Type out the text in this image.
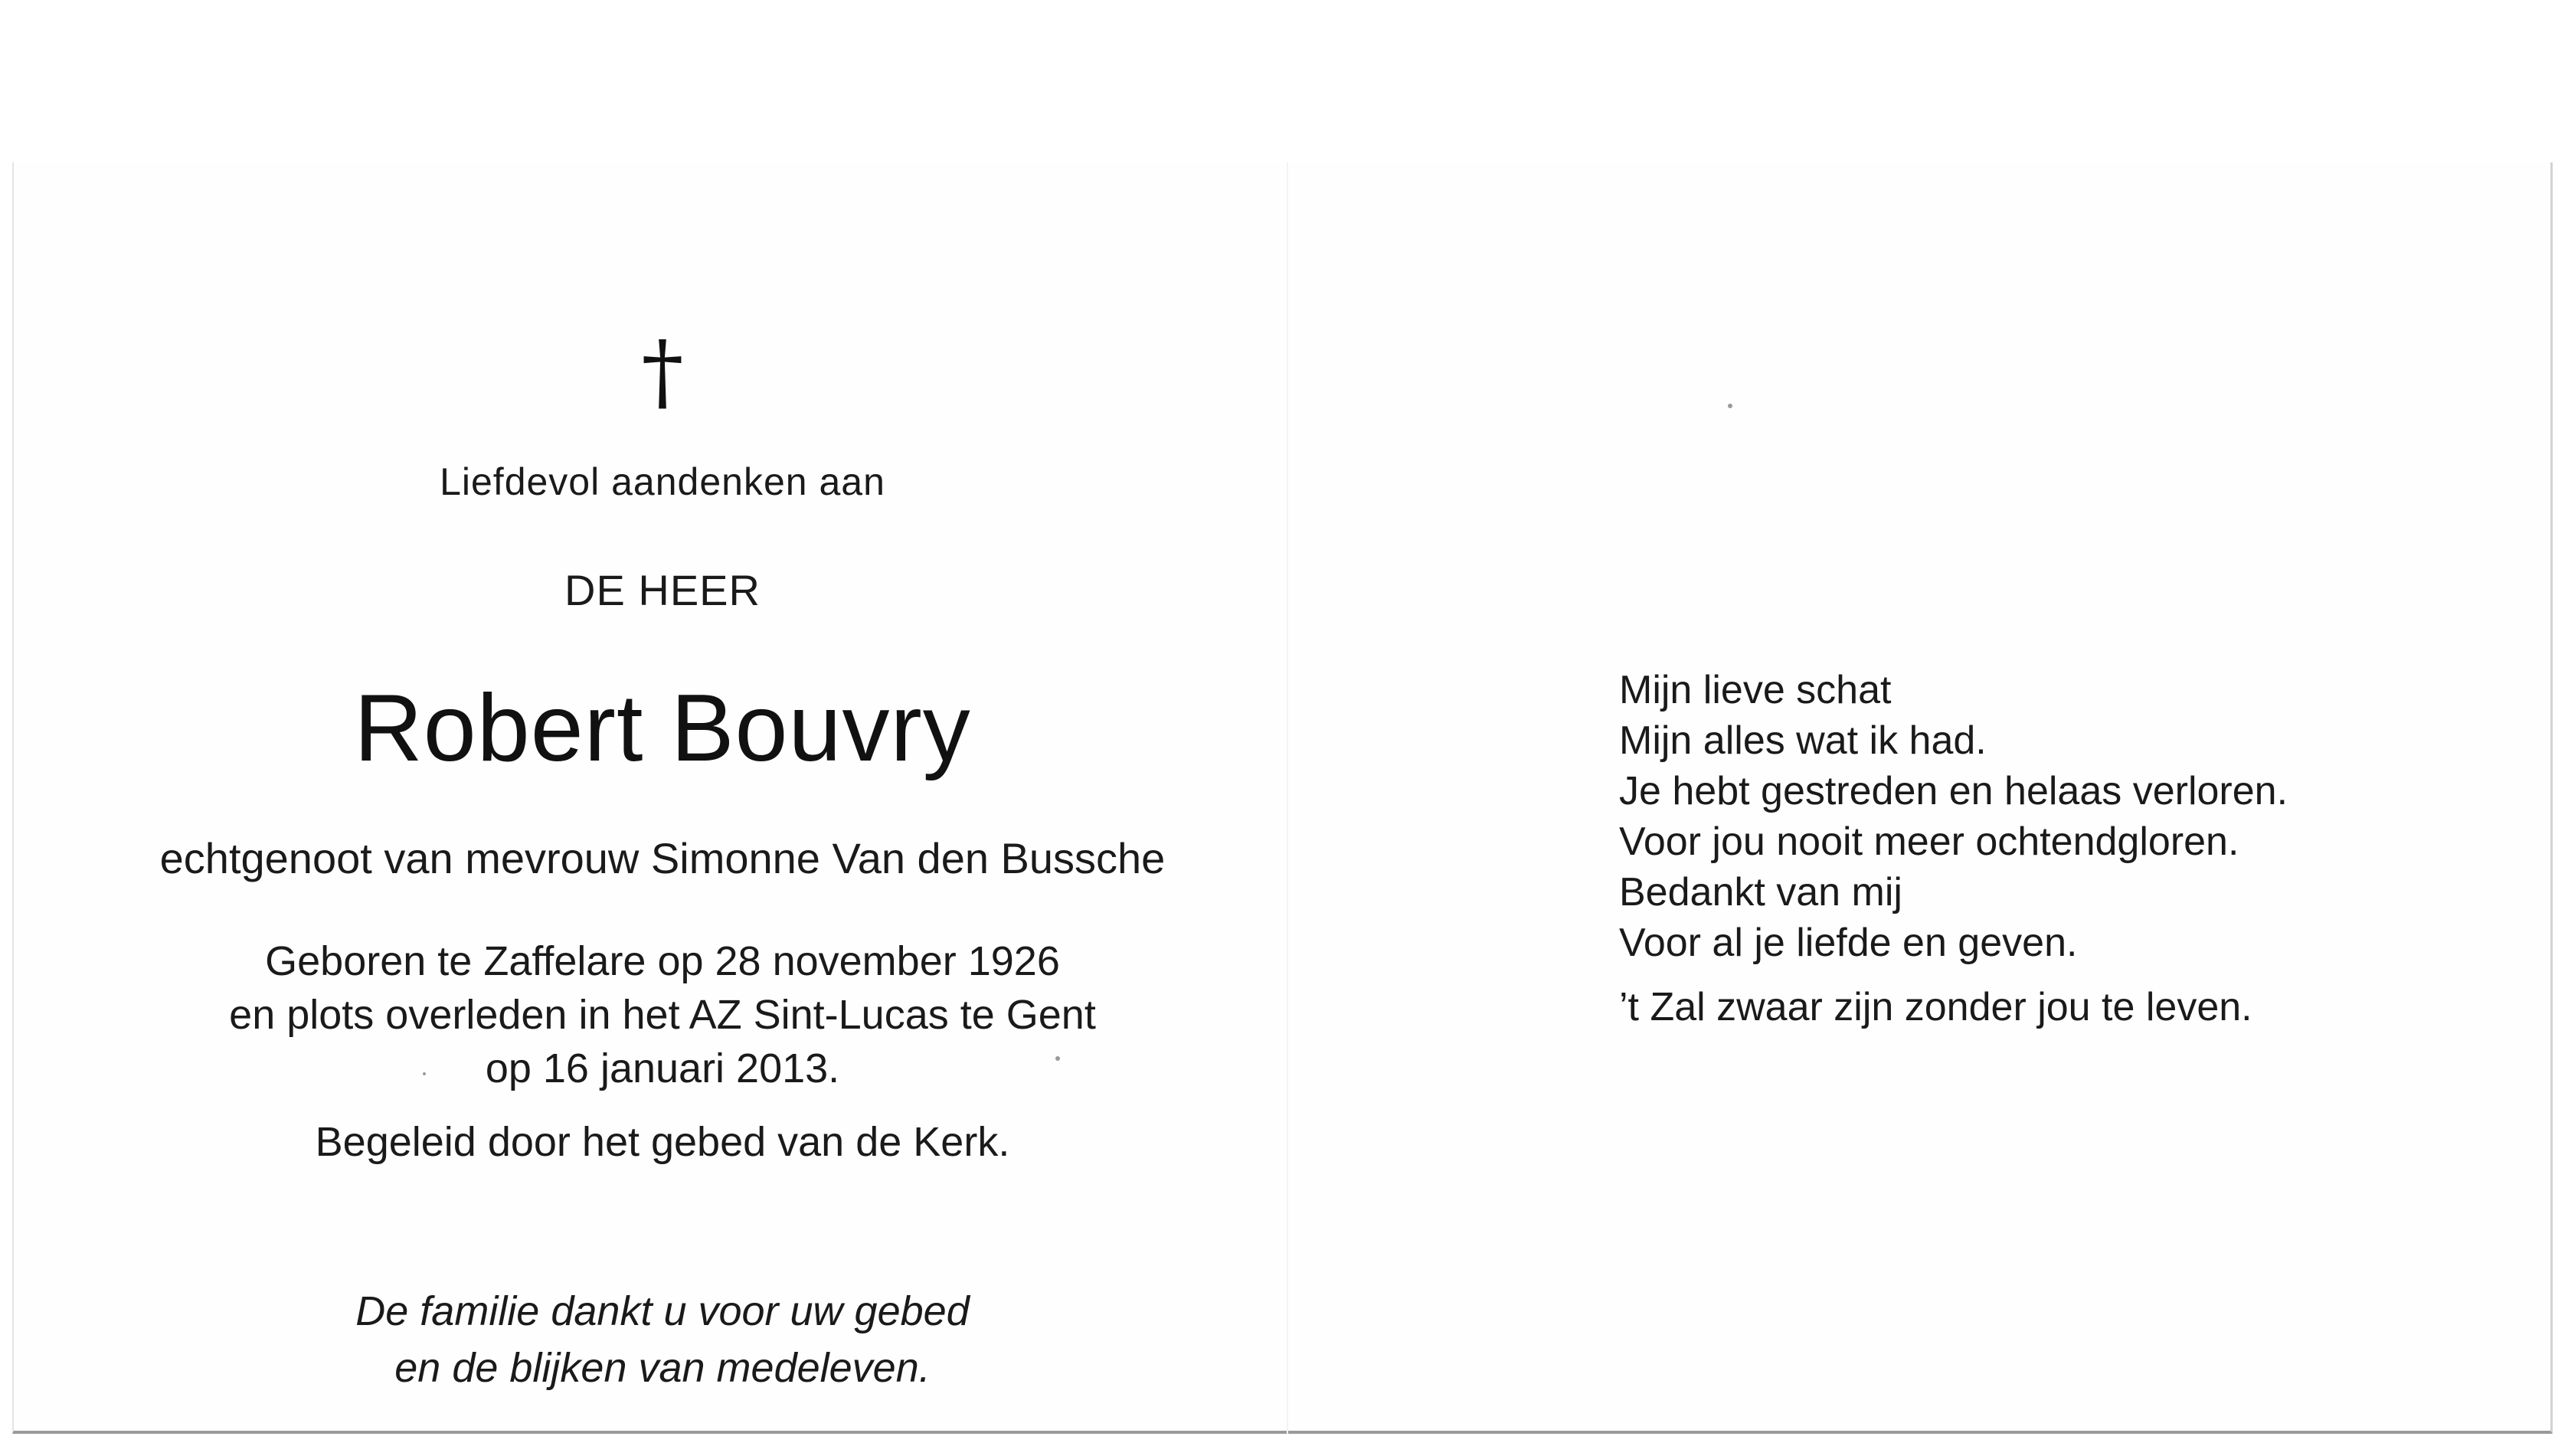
†
Liefdevol aandenken aan
DE HEER
Robert Bouvry
echtgenoot van mevrouw Simonne Van den Bussche
Geboren te Zaffelare op 28 november 1926
en plots overleden in het AZ Sint-Lucas te Gent
op 16 januari 2013.
Begeleid door het gebed van de Kerk.
De familie dankt u voor uw gebed
en de blijken van medeleven.
Mijn lieve schat
Mijn alles wat ik had.
Je hebt gestreden en helaas verloren.
Voor jou nooit meer ochtendgloren.
Bedankt van mij
Voor al je liefde en geven.
’t Zal zwaar zijn zonder jou te leven.
